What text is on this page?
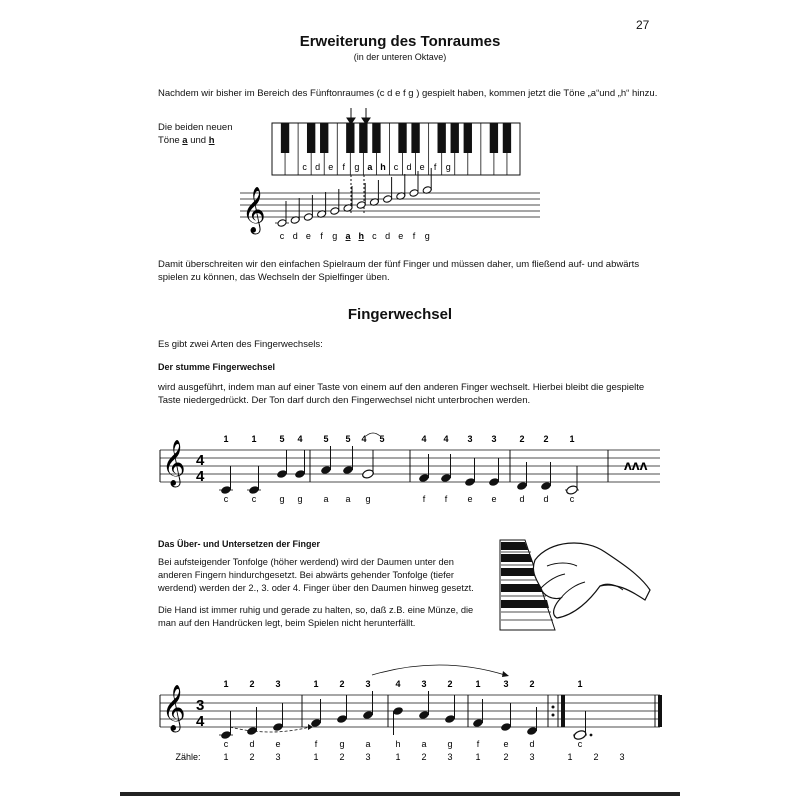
27
Erweiterung des Tonraumes
(in der unteren Oktave)
Nachdem wir bisher im Bereich des Fünftonraumes (c d e f g ) gespielt haben, kommen jetzt die Töne „a“und „h“ hinzu.
Die beiden neuen
Töne a und h
c d e f g a h c d e f g
𝄞
c d e f g a h c d e f g
Damit überschreiten wir den einfachen Spielraum der fünf Finger und müssen daher, um fließend auf- und abwärts spielen zu können, das Wechseln der Spielfinger üben.
Fingerwechsel
Es gibt zwei Arten des Fingerwechsels:
Der stumme Fingerwechsel
wird ausgeführt, indem man auf einer Taste von einem auf den anderen Finger wechselt. Hierbei bleibt die gespielte Taste niedergedrückt. Der Ton darf durch den Fingerwechsel nicht unterbrochen werden.
𝄞 4
4
c	c	g g a a g	f f e e	d d c
1	1	5 4 5 5 4 5	4 4 3 3	2 2 1
ʌʌʌ
Das Über- und Untersetzen der Finger
Bei aufsteigender Tonfolge (höher werdend) wird der Daumen unter den anderen Fingern hindurchgesetzt. Bei abwärts gehender Tonfolge (tiefer werdend) werden der 2., 3. oder 4. Finger über den Daumen hinweg gesetzt.
Die Hand ist immer ruhig und gerade zu halten, so, daß z.B. eine Münze, die man auf den Handrücken legt, beim Spielen nicht herunterfällt.
𝄞 3
4
c d e	f g a	h a g	f	e d	c
1 2 3	1 2 3	4 3 2	1	3 2	1
Zähle:	1 2 3	1 2 3	1 2 3	1	2 3	1 2 3
